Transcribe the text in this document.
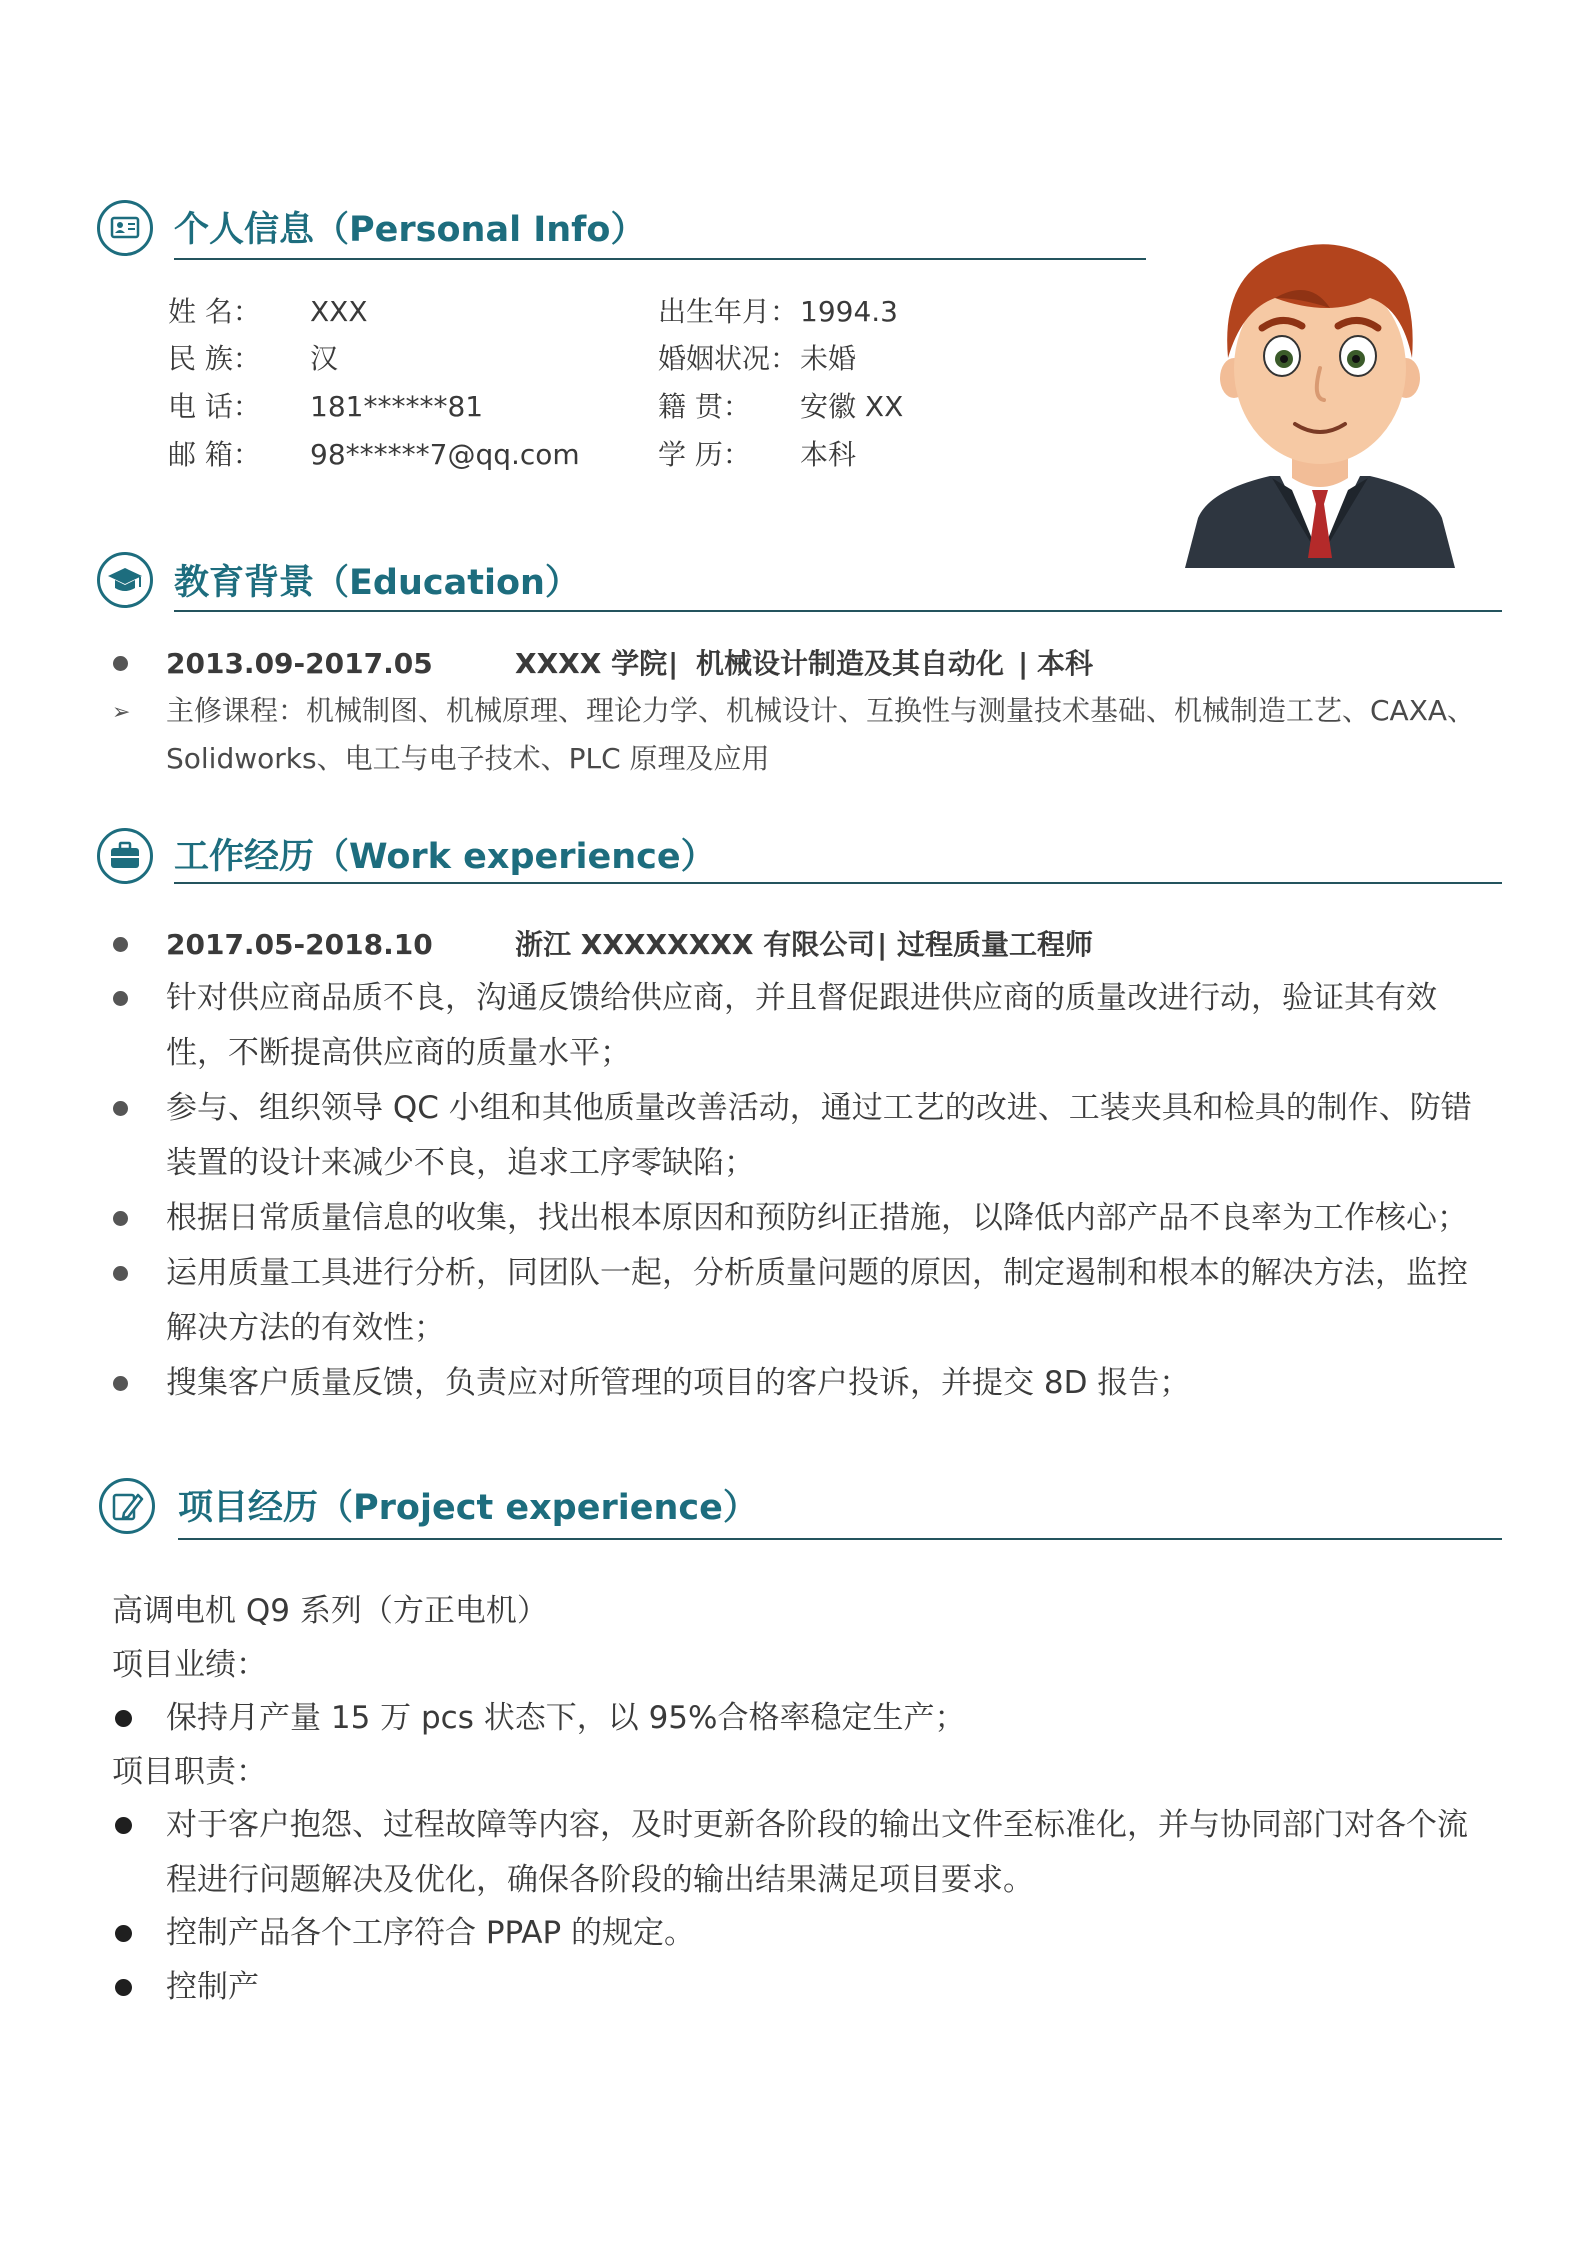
个人信息（Personal Info）
姓 名： XXX
民 族： 汉
电 话： 181******81
邮 箱： 98******7@qq.com
出生年月： 1994.3
婚姻状况： 未婚
籍 贯： 安徽 XX
学 历： 本科
教育背景（Education）
2013.09-2017.05	XXXX 学院 | 机械设计制造及其自动化 | 本科
➢ 主修课程：机械制图、机械原理、理论力学、机械设计、互换性与测量技术基础、机械制造工艺、CAXA、Solidworks、电工与电子技术、PLC 原理及应用
工作经历（Work experience）
2017.05-2018.10	浙江 XXXXXXXX 有限公司 | 过程质量工程师
针对供应商品质不良，沟通反馈给供应商，并且督促跟进供应商的质量改进行动，验证其有效性，不断提高供应商的质量水平；
参与、组织领导 QC 小组和其他质量改善活动，通过工艺的改进、工装夹具和检具的制作、防错装置的设计来减少不良，追求工序零缺陷；
根据日常质量信息的收集，找出根本原因和预防纠正措施，以降低内部产品不良率为工作核心；
运用质量工具进行分析，同团队一起，分析质量问题的原因，制定遏制和根本的解决方法，监控解决方法的有效性；
搜集客户质量反馈，负责应对所管理的项目的客户投诉，并提交 8D 报告；
项目经历（Project experience）
高调电机 Q9 系列（方正电机）
项目业绩：
保持月产量 15 万 pcs 状态下，以 95%合格率稳定生产；
项目职责：
对于客户抱怨、过程故障等内容，及时更新各阶段的输出文件至标准化，并与协同部门对各个流程进行问题解决及优化，确保各阶段的输出结果满足项目要求。
控制产品各个工序符合 PPAP 的规定。
控制产
